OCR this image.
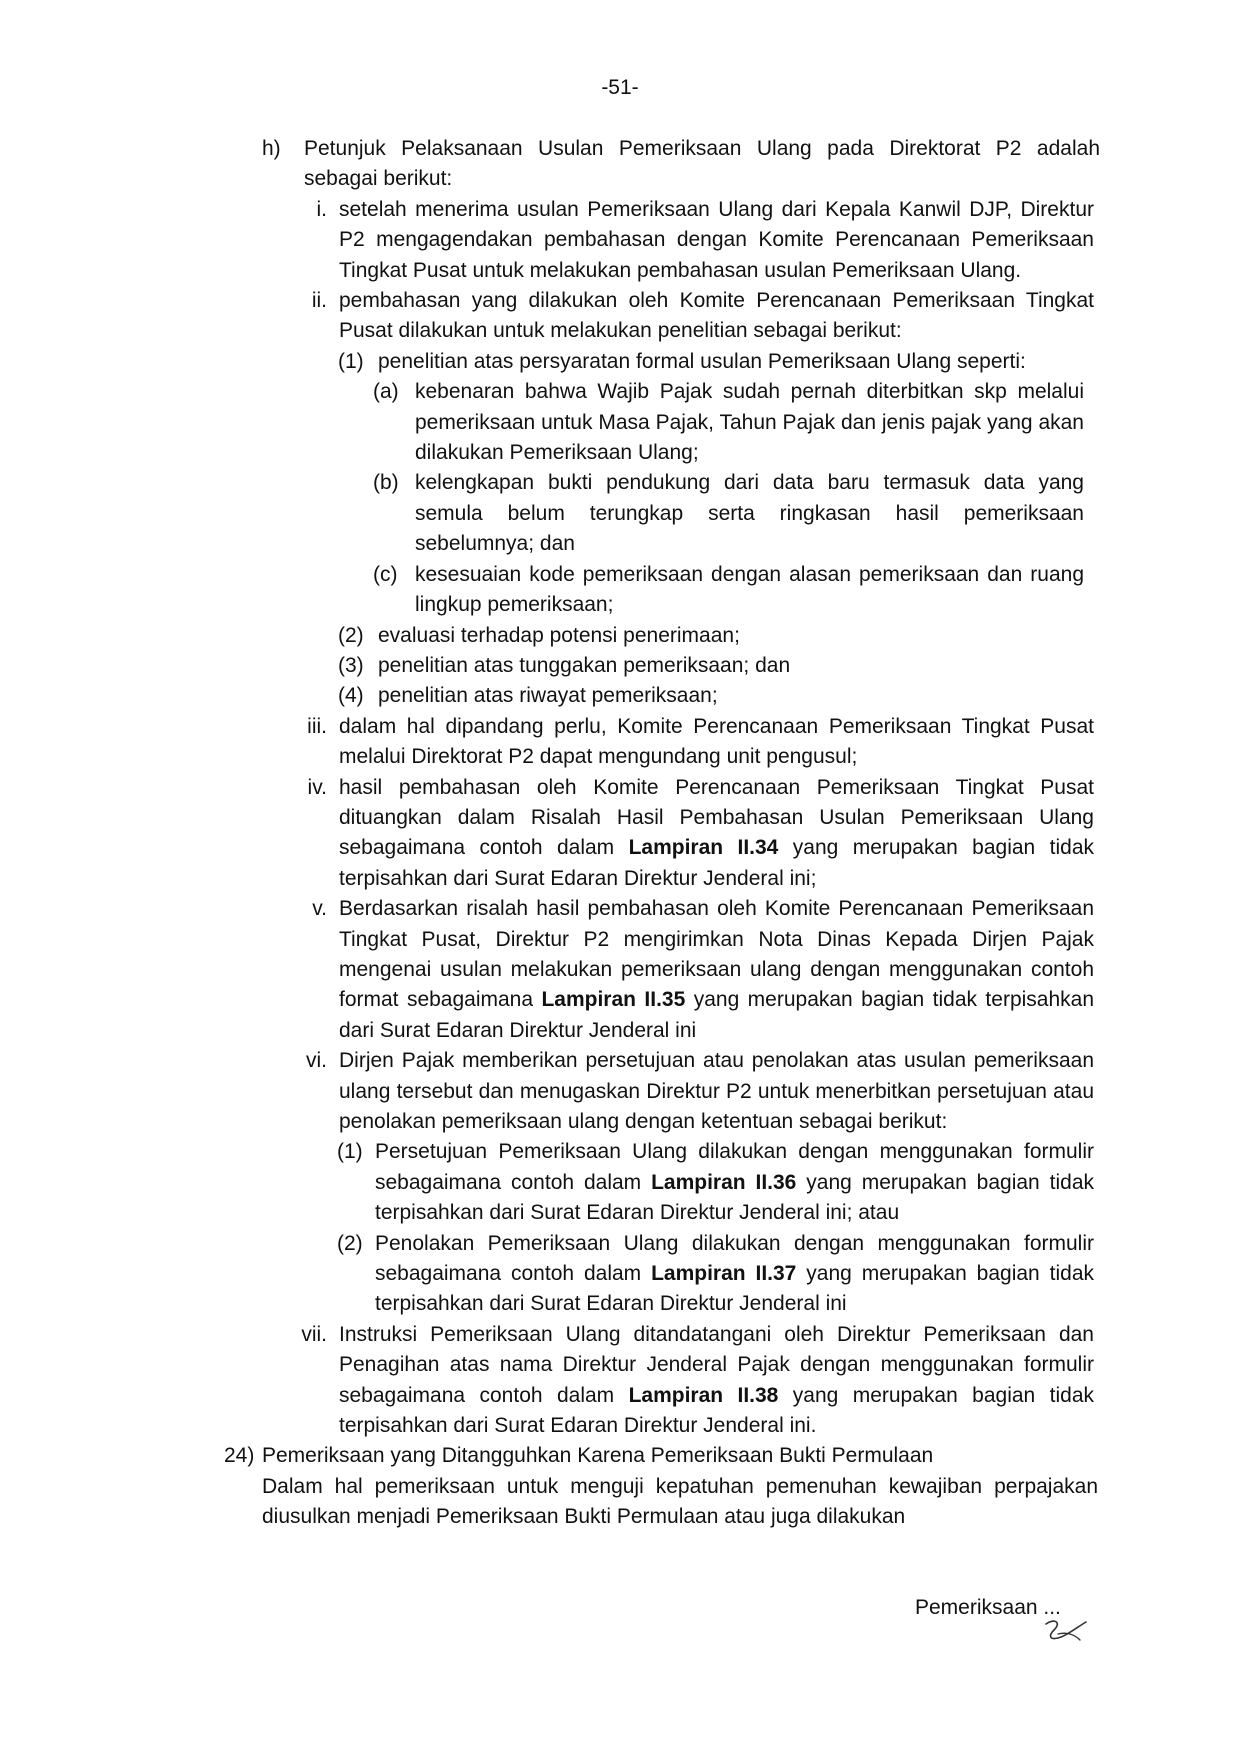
-51-
h) Petunjuk Pelaksanaan Usulan Pemeriksaan Ulang pada Direktorat P2 adalah sebagai berikut:
i. setelah menerima usulan Pemeriksaan Ulang dari Kepala Kanwil DJP, Direktur P2 mengagendakan pembahasan dengan Komite Perencanaan Pemeriksaan Tingkat Pusat untuk melakukan pembahasan usulan Pemeriksaan Ulang.
ii. pembahasan yang dilakukan oleh Komite Perencanaan Pemeriksaan Tingkat Pusat dilakukan untuk melakukan penelitian sebagai berikut:
(1) penelitian atas persyaratan formal usulan Pemeriksaan Ulang seperti:
(a) kebenaran bahwa Wajib Pajak sudah pernah diterbitkan skp melalui pemeriksaan untuk Masa Pajak, Tahun Pajak dan jenis pajak yang akan dilakukan Pemeriksaan Ulang;
(b) kelengkapan bukti pendukung dari data baru termasuk data yang semula belum terungkap serta ringkasan hasil pemeriksaan sebelumnya; dan
(c) kesesuaian kode pemeriksaan dengan alasan pemeriksaan dan ruang lingkup pemeriksaan;
(2) evaluasi terhadap potensi penerimaan;
(3) penelitian atas tunggakan pemeriksaan; dan
(4) penelitian atas riwayat pemeriksaan;
iii. dalam hal dipandang perlu, Komite Perencanaan Pemeriksaan Tingkat Pusat melalui Direktorat P2 dapat mengundang unit pengusul;
iv. hasil pembahasan oleh Komite Perencanaan Pemeriksaan Tingkat Pusat dituangkan dalam Risalah Hasil Pembahasan Usulan Pemeriksaan Ulang sebagaimana contoh dalam Lampiran II.34 yang merupakan bagian tidak terpisahkan dari Surat Edaran Direktur Jenderal ini;
v. Berdasarkan risalah hasil pembahasan oleh Komite Perencanaan Pemeriksaan Tingkat Pusat, Direktur P2 mengirimkan Nota Dinas Kepada Dirjen Pajak mengenai usulan melakukan pemeriksaan ulang dengan menggunakan contoh format sebagaimana Lampiran II.35 yang merupakan bagian tidak terpisahkan dari Surat Edaran Direktur Jenderal ini
vi. Dirjen Pajak memberikan persetujuan atau penolakan atas usulan pemeriksaan ulang tersebut dan menugaskan Direktur P2 untuk menerbitkan persetujuan atau penolakan pemeriksaan ulang dengan ketentuan sebagai berikut:
(1) Persetujuan Pemeriksaan Ulang dilakukan dengan menggunakan formulir sebagaimana contoh dalam Lampiran II.36 yang merupakan bagian tidak terpisahkan dari Surat Edaran Direktur Jenderal ini; atau
(2) Penolakan Pemeriksaan Ulang dilakukan dengan menggunakan formulir sebagaimana contoh dalam Lampiran II.37 yang merupakan bagian tidak terpisahkan dari Surat Edaran Direktur Jenderal ini
vii. Instruksi Pemeriksaan Ulang ditandatangani oleh Direktur Pemeriksaan dan Penagihan atas nama Direktur Jenderal Pajak dengan menggunakan formulir sebagaimana contoh dalam Lampiran II.38 yang merupakan bagian tidak terpisahkan dari Surat Edaran Direktur Jenderal ini.
24) Pemeriksaan yang Ditangguhkan Karena Pemeriksaan Bukti Permulaan
Dalam hal pemeriksaan untuk menguji kepatuhan pemenuhan kewajiban perpajakan diusulkan menjadi Pemeriksaan Bukti Permulaan atau juga dilakukan
Pemeriksaan ...
